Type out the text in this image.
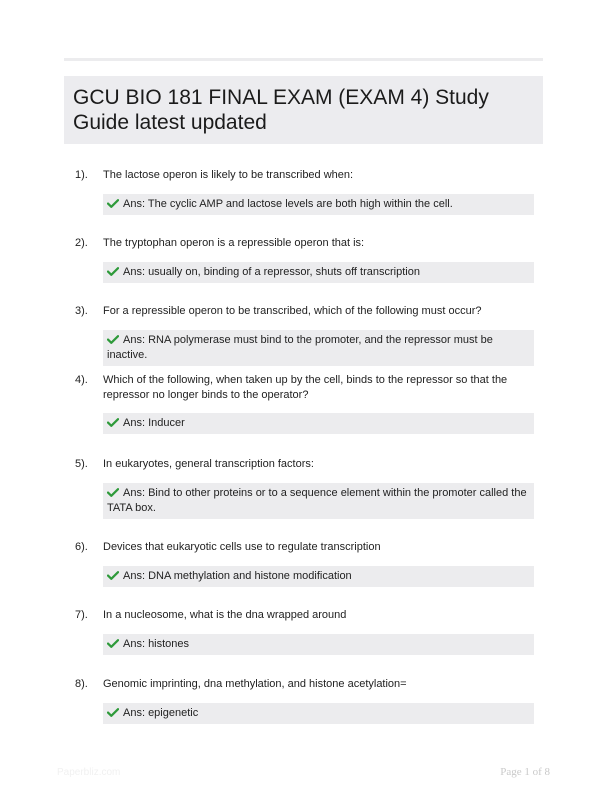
GCU BIO 181 FINAL EXAM (EXAM 4) Study Guide latest updated
1). The lactose operon is likely to be transcribed when:
Ans: The cyclic AMP and lactose levels are both high within the cell.
2). The tryptophan operon is a repressible operon that is:
Ans: usually on, binding of a repressor, shuts off transcription
3). For a repressible operon to be transcribed, which of the following must occur?
Ans: RNA polymerase must bind to the promoter, and the repressor must be inactive.
4). Which of the following, when taken up by the cell, binds to the repressor so that the repressor no longer binds to the operator?
Ans: Inducer
5). In eukaryotes, general transcription factors:
Ans: Bind to other proteins or to a sequence element within the promoter called the TATA box.
6). Devices that eukaryotic cells use to regulate transcription
Ans: DNA methylation and histone modification
7). In a nucleosome, what is the dna wrapped around
Ans: histones
8). Genomic imprinting, dna methylation, and histone acetylation=
Ans: epigenetic
Paperbliz.com	Page 1 of 8
